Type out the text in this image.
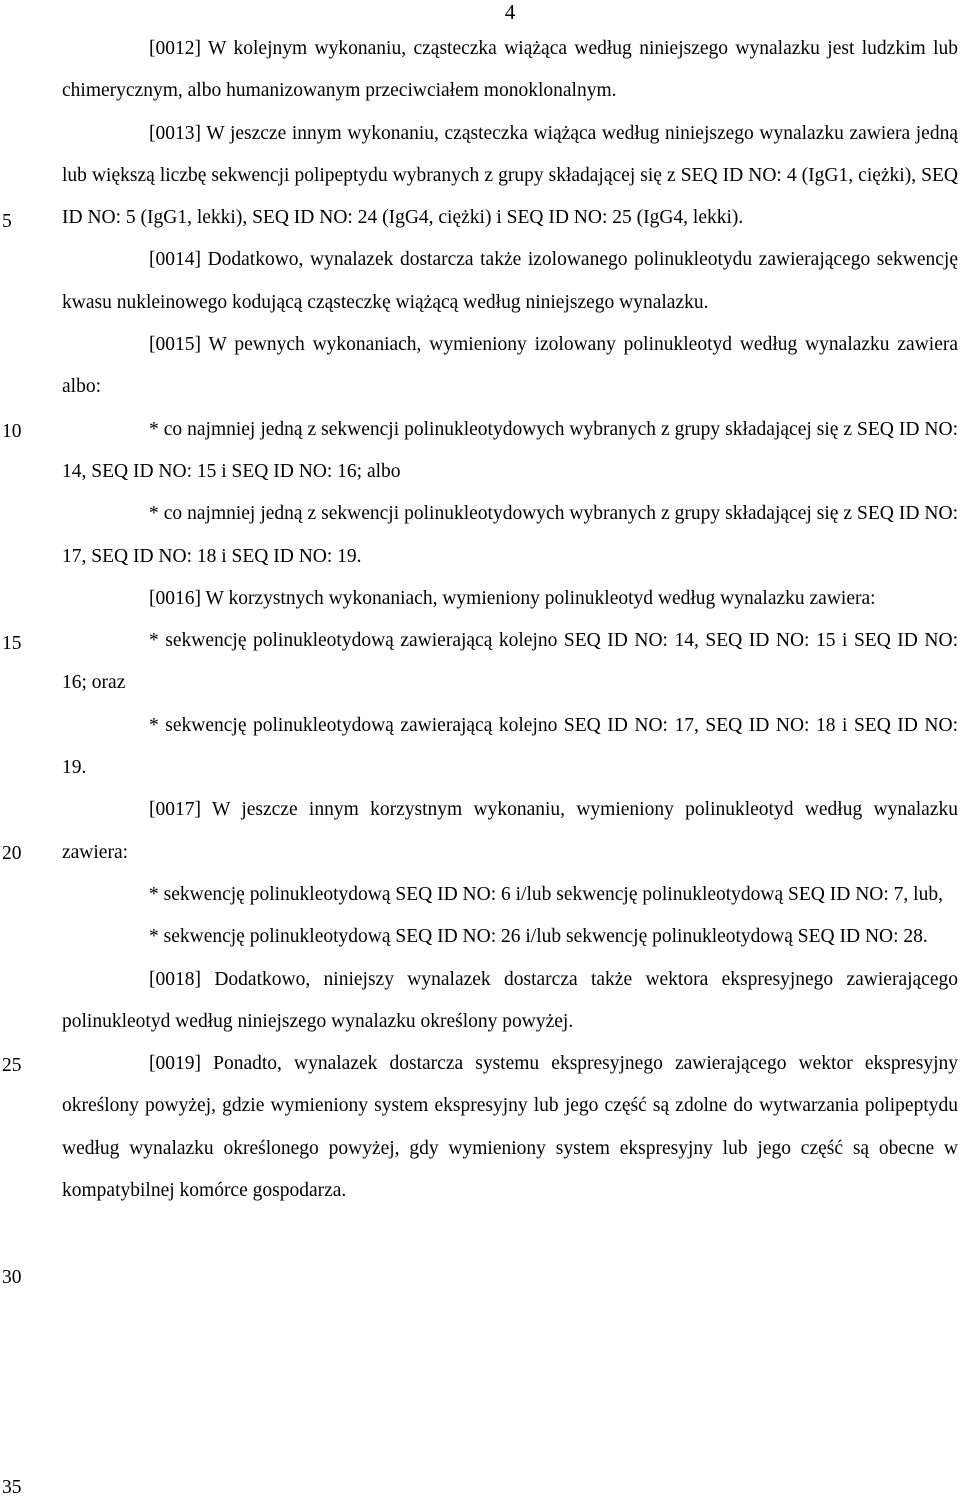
4
5
10
15
20
25
30
35

[0012] W kolejnym wykonaniu, cząsteczka wiążąca według niniejszego wynalazku jest ludzkim lub chimerycznym, albo humanizowanym przeciwciałem monoklonalnym.

[0013] W jeszcze innym wykonaniu, cząsteczka wiążąca według niniejszego wynalazku zawiera jedną lub większą liczbę sekwencji polipeptydu wybranych z grupy składającej się z SEQ ID NO: 4 (IgG1, ciężki), SEQ ID NO: 5 (IgG1, lekki), SEQ ID NO: 24 (IgG4, ciężki) i SEQ ID NO: 25 (IgG4, lekki).

[0014] Dodatkowo, wynalazek dostarcza także izolowanego polinukleotydu zawierającego sekwencję kwasu nukleinowego kodującą cząsteczkę wiążącą według niniejszego wynalazku.

[0015] W pewnych wykonaniach, wymieniony izolowany polinukleotyd według wynalazku zawiera albo:

* co najmniej jedną z sekwencji polinukleotydowych wybranych z grupy składającej się z SEQ ID NO: 14, SEQ ID NO: 15 i SEQ ID NO: 16; albo

* co najmniej jedną z sekwencji polinukleotydowych wybranych z grupy składającej się z SEQ ID NO: 17, SEQ ID NO: 18 i SEQ ID NO: 19.

[0016] W korzystnych wykonaniach, wymieniony polinukleotyd według wynalazku zawiera:

* sekwencję polinukleotydową zawierającą kolejno SEQ ID NO: 14, SEQ ID NO: 15 i SEQ ID NO: 16; oraz

* sekwencję polinukleotydową zawierającą kolejno SEQ ID NO: 17, SEQ ID NO: 18 i SEQ ID NO: 19.

[0017] W jeszcze innym korzystnym wykonaniu, wymieniony polinukleotyd według wynalazku zawiera:

* sekwencję polinukleotydową SEQ ID NO: 6 i/lub sekwencję polinukleotydową SEQ ID NO: 7, lub,

* sekwencję polinukleotydową SEQ ID NO: 26 i/lub sekwencję polinukleotydową SEQ ID NO: 28.

[0018] Dodatkowo, niniejszy wynalazek dostarcza także wektora ekspresyjnego zawierającego polinukleotyd według niniejszego wynalazku określony powyżej.

[0019] Ponadto, wynalazek dostarcza systemu ekspresyjnego zawierającego wektor ekspresyjny określony powyżej, gdzie wymieniony system ekspresyjny lub jego część są zdolne do wytwarzania polipeptydu według wynalazku określonego powyżej, gdy wymieniony system ekspresyjny lub jego część są obecne w kompatybilnej komórce gospodarza.
